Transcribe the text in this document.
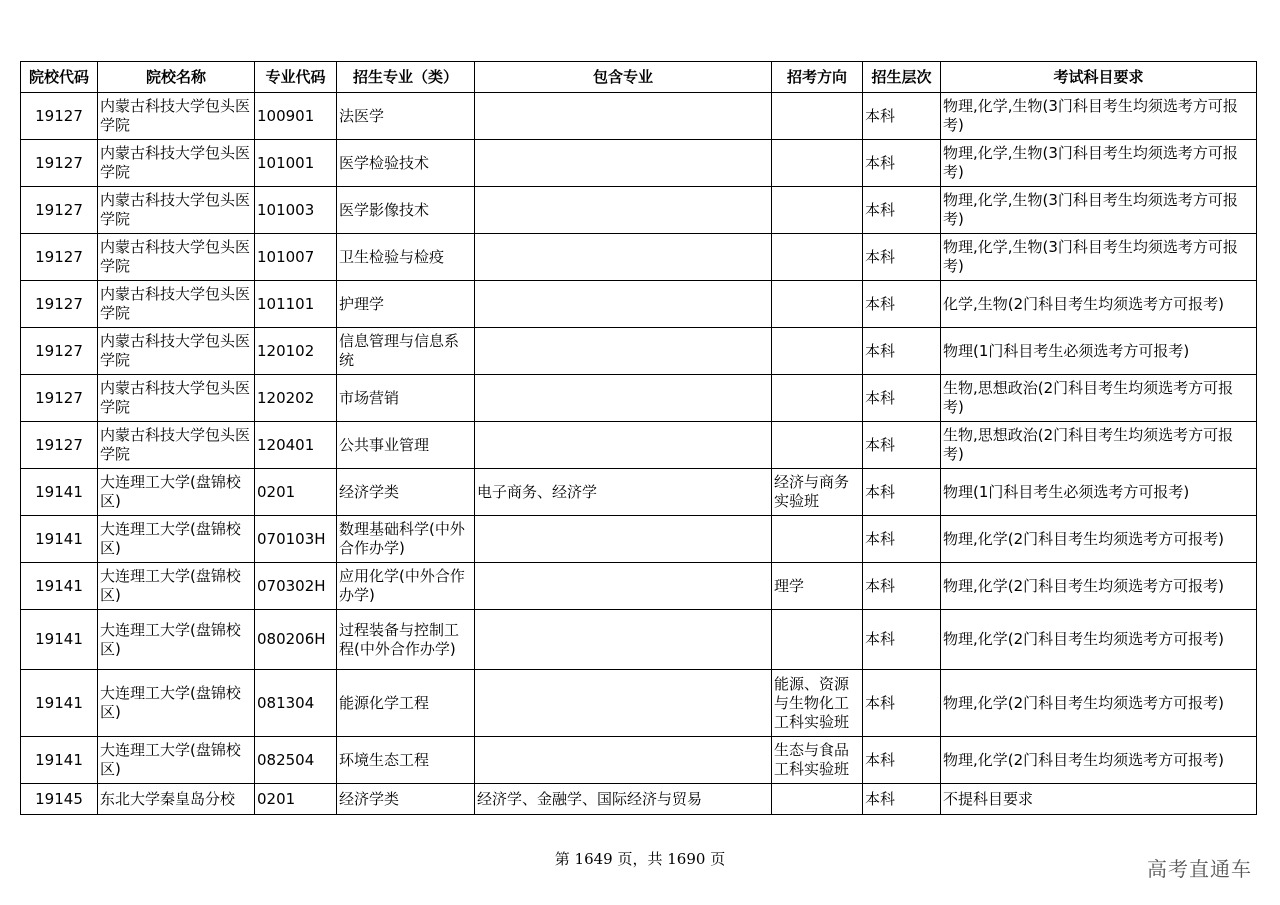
院校代码	院校名称	专业代码	招生专业（类）	包含专业	招考方向	招生层次	考试科目要求
19127	内蒙古科技大学包头医学院	100901	法医学			本科	物理,化学,生物(3门科目考生均须选考方可报考)
19127	内蒙古科技大学包头医学院	101001	医学检验技术			本科	物理,化学,生物(3门科目考生均须选考方可报考)
19127	内蒙古科技大学包头医学院	101003	医学影像技术			本科	物理,化学,生物(3门科目考生均须选考方可报考)
19127	内蒙古科技大学包头医学院	101007	卫生检验与检疫			本科	物理,化学,生物(3门科目考生均须选考方可报考)
19127	内蒙古科技大学包头医学院	101101	护理学			本科	化学,生物(2门科目考生均须选考方可报考)
19127	内蒙古科技大学包头医学院	120102	信息管理与信息系统			本科	物理(1门科目考生必须选考方可报考)
19127	内蒙古科技大学包头医学院	120202	市场营销			本科	生物,思想政治(2门科目考生均须选考方可报考)
19127	内蒙古科技大学包头医学院	120401	公共事业管理			本科	生物,思想政治(2门科目考生均须选考方可报考)
19141	大连理工大学(盘锦校区)	0201	经济学类	电子商务、经济学	经济与商务实验班	本科	物理(1门科目考生必须选考方可报考)
19141	大连理工大学(盘锦校区)	070103H	数理基础科学(中外合作办学)			本科	物理,化学(2门科目考生均须选考方可报考)
19141	大连理工大学(盘锦校区)	070302H	应用化学(中外合作办学)		理学	本科	物理,化学(2门科目考生均须选考方可报考)
19141	大连理工大学(盘锦校区)	080206H	过程装备与控制工程(中外合作办学)			本科	物理,化学(2门科目考生均须选考方可报考)
19141	大连理工大学(盘锦校区)	081304	能源化学工程		能源、资源与生物化工工科实验班	本科	物理,化学(2门科目考生均须选考方可报考)
19141	大连理工大学(盘锦校区)	082504	环境生态工程		生态与食品工科实验班	本科	物理,化学(2门科目考生均须选考方可报考)
19145	东北大学秦皇岛分校	0201	经济学类	经济学、金融学、国际经济与贸易		本科	不提科目要求
第 1649 页，共 1690 页	高考直通车
